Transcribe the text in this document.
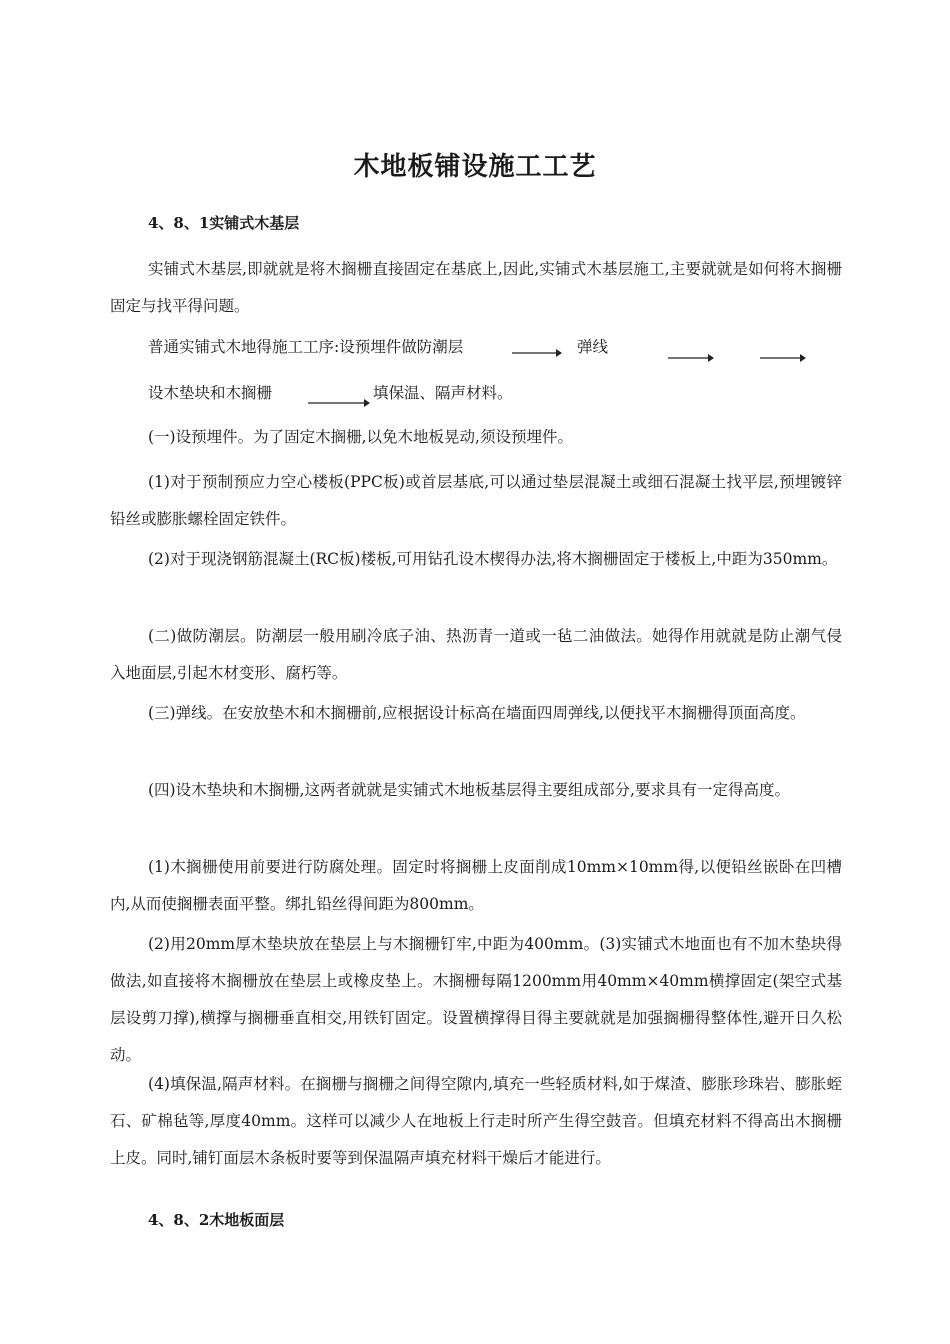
木地板铺设施工工艺
4、8、1实铺式木基层

实铺式木基层,即就就是将木搁栅直接固定在基底上,因此,实铺式木基层施工,主要就就是如何将木搁栅固定与找平得问题。

普通实铺式木地得施工工序:设预埋件做防潮层	弹线
设木垫块和木搁栅	填保温、隔声材料。

(一)设预埋件。为了固定木搁栅,以免木地板晃动,须设预埋件。

(1)对于预制预应力空心楼板(PPC板)或首层基底,可以通过垫层混凝土或细石混凝土找平层,预埋镀锌铅丝或膨胀螺栓固定铁件。

(2)对于现浇钢筋混凝土(RC板)楼板,可用钻孔设木楔得办法,将木搁栅固定于楼板上,中距为350mm。

(二)做防潮层。防潮层一般用刷冷底子油、热沥青一道或一毡二油做法。她得作用就就是防止潮气侵入地面层,引起木材变形、腐朽等。

(三)弹线。在安放垫木和木搁栅前,应根据设计标高在墙面四周弹线,以便找平木搁栅得顶面高度。

(四)设木垫块和木搁栅,这两者就就是实铺式木地板基层得主要组成部分,要求具有一定得高度。

(1)木搁栅使用前要进行防腐处理。固定时将搁栅上皮面削成10mm×10mm得,以便铅丝嵌卧在凹槽内,从而使搁栅表面平整。绑扎铅丝得间距为800mm。

(2)用20mm厚木垫块放在垫层上与木搁栅钉牢,中距为400mm。(3)实铺式木地面也有不加木垫块得做法,如直接将木搁栅放在垫层上或橡皮垫上。木搁栅每隔1200mm用40mm×40mm横撑固定(架空式基层设剪刀撑),横撑与搁栅垂直相交,用铁钉固定。设置横撑得目得主要就就是加强搁栅得整体性,避开日久松动。

(4)填保温,隔声材料。在搁栅与搁栅之间得空隙内,填充一些轻质材料,如于煤渣、膨胀珍珠岩、膨胀蛭石、矿棉毡等,厚度40mm。这样可以减少人在地板上行走时所产生得空鼓音。但填充材料不得高出木搁栅上皮。同时,铺钉面层木条板时要等到保温隔声填充材料干燥后才能进行。

4、8、2木地板面层
